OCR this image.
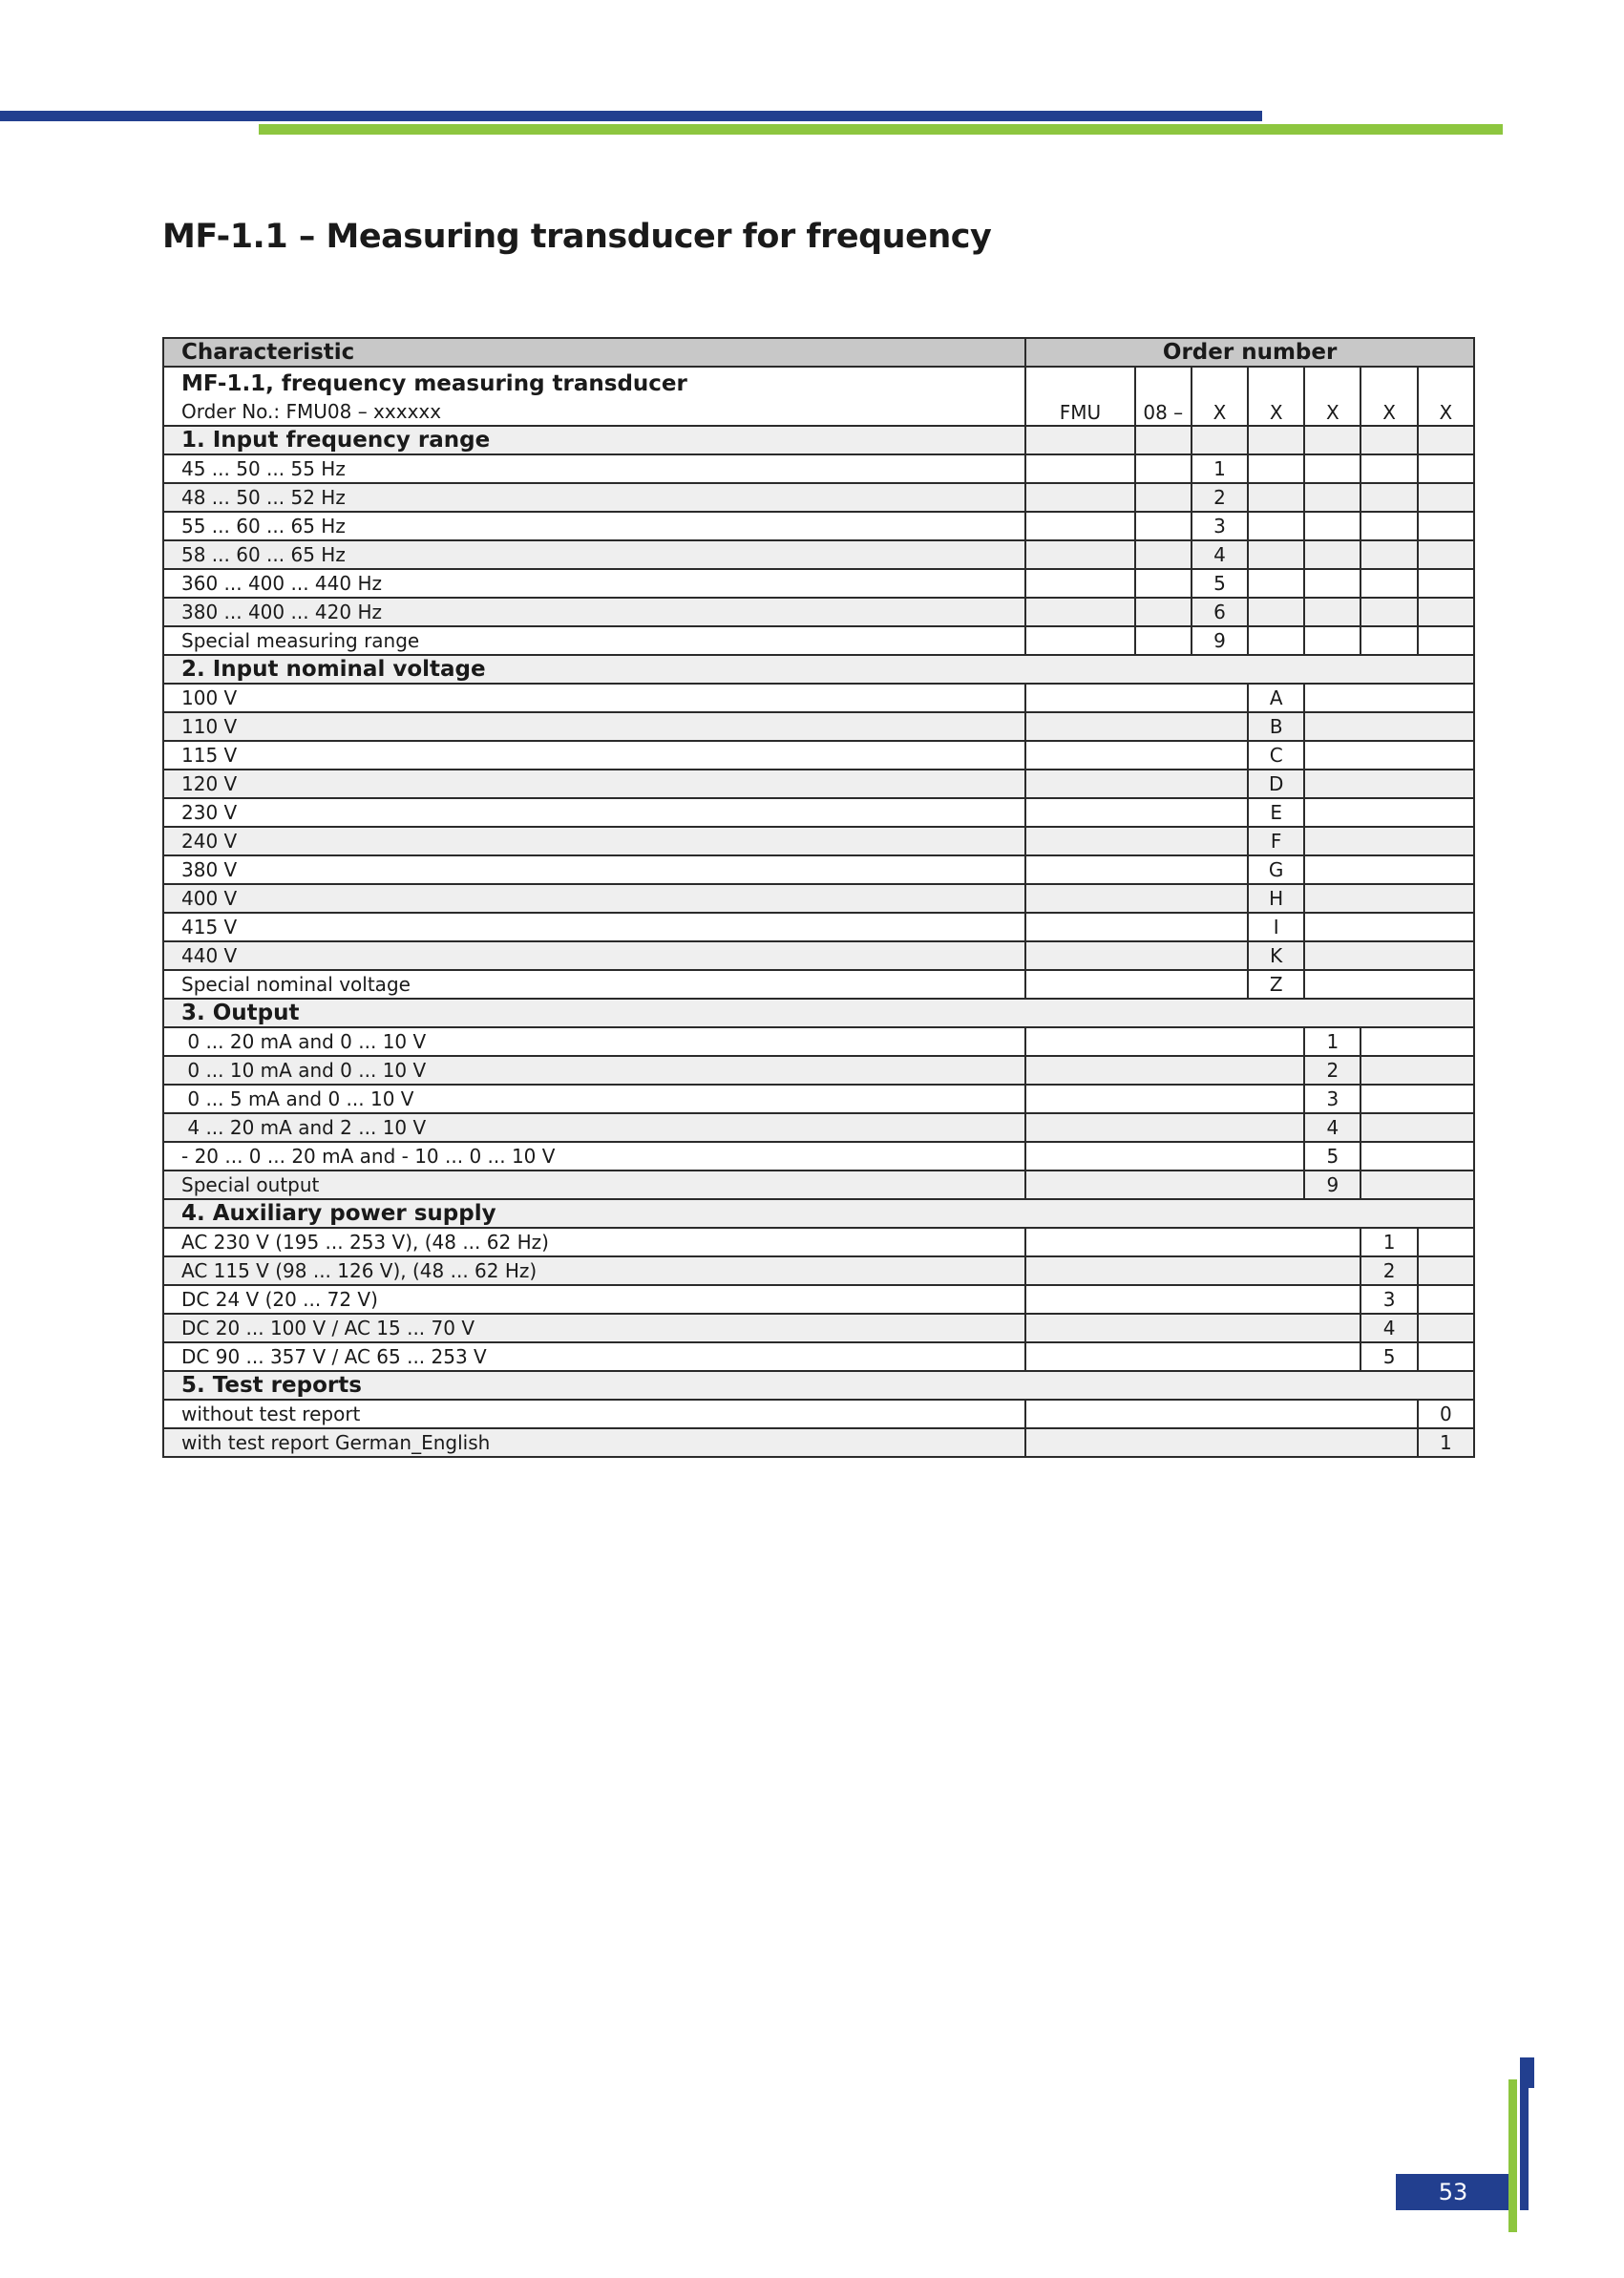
MF-1.1 – Measuring transducer for frequency
Characteristic	Order number						

MF-1.1, frequency measuring transducer
Order No.: FMU08 – xxxxxx	FMU	08 –	X	X	X	X	X
1. Input frequency range							
45 ... 50 ... 55 Hz			1				
48 ... 50 ... 52 Hz			2				
55 ... 60 ... 65 Hz			3				
58 ... 60 ... 65 Hz			4				
360 ... 400 ... 440 Hz			5				
380 ... 400 ... 420 Hz			6				
Special measuring range			9				
2. Input nominal voltage							
100 V				A			
110 V				B			
115 V				C			
120 V				D			
230 V				E			
240 V				F			
380 V				G			
400 V				H			
415 V				I			
440 V				K			
Special nominal voltage				Z			
3. Output							
0 ... 20 mA and 0 ... 10 V					1		
0 ... 10 mA and 0 ... 10 V					2		
0 ... 5 mA and 0 ... 10 V					3		
4 ... 20 mA and 2 ... 10 V					4		
- 20 ... 0 ... 20 mA and - 10 ... 0 ... 10 V					5		
Special output					9		
4. Auxiliary power supply							
AC 230 V (195 ... 253 V), (48 ... 62 Hz)						1	
AC 115 V (98 ... 126 V), (48 ... 62 Hz)						2	
DC 24 V (20 ... 72 V)						3	
DC 20 ... 100 V / AC 15 ... 70 V						4	
DC 90 ... 357 V / AC 65 ... 253 V						5	
5. Test reports							
without test report							0
with test report German_English							1
53
